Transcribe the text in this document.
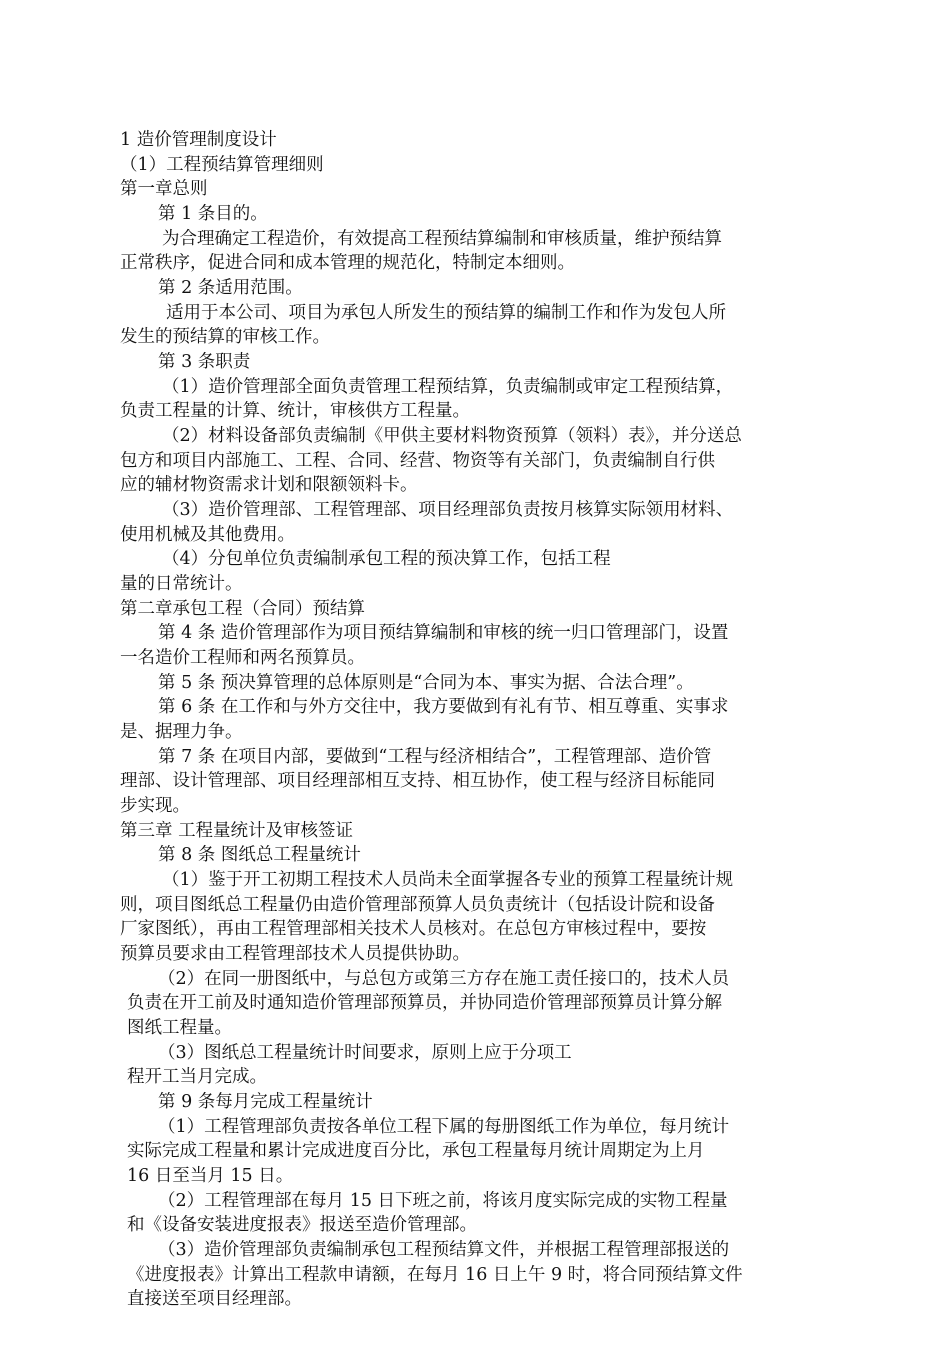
1 造价管理制度设计
（1）工程预结算管理细则
第一章总则
第 1 条目的。
为合理确定工程造价，有效提高工程预结算编制和审核质量，维护预结算
正常秩序，促进合同和成本管理的规范化，特制定本细则。
第 2 条适用范围。
适用于本公司、项目为承包人所发生的预结算的编制工作和作为发包人所
发生的预结算的审核工作。
第 3 条职责
（1）造价管理部全面负责管理工程预结算，负责编制或审定工程预结算，
负责工程量的计算、统计，审核供方工程量。
（2）材料设备部负责编制《甲供主要材料物资预算（领料）表》，并分送总
包方和项目内部施工、工程、合同、经营、物资等有关部门，负责编制自行供
应的辅材物资需求计划和限额领料卡。
（3）造价管理部、工程管理部、项目经理部负责按月核算实际领用材料、
使用机械及其他费用。
（4）分包单位负责编制承包工程的预决算工作，包括工程
量的日常统计。
第二章承包工程（合同）预结算
第 4 条 造价管理部作为项目预结算编制和审核的统一归口管理部门，设置
一名造价工程师和两名预算员。
第 5 条 预决算管理的总体原则是“合同为本、事实为据、合法合理”。
第 6 条 在工作和与外方交往中，我方要做到有礼有节、相互尊重、实事求
是、据理力争。
第 7 条 在项目内部，要做到“工程与经济相结合”，工程管理部、造价管
理部、设计管理部、项目经理部相互支持、相互协作，使工程与经济目标能同
步实现。
第三章 工程量统计及审核签证
第 8 条 图纸总工程量统计
（1）鉴于开工初期工程技术人员尚未全面掌握各专业的预算工程量统计规
则，项目图纸总工程量仍由造价管理部预算人员负责统计（包括设计院和设备
厂家图纸），再由工程管理部相关技术人员核对。在总包方审核过程中，要按
预算员要求由工程管理部技术人员提供协助。
（2）在同一册图纸中，与总包方或第三方存在施工责任接口的，技术人员
负责在开工前及时通知造价管理部预算员，并协同造价管理部预算员计算分解
图纸工程量。
（3）图纸总工程量统计时间要求，原则上应于分项工
程开工当月完成。
第 9 条每月完成工程量统计
（1）工程管理部负责按各单位工程下属的每册图纸工作为单位，每月统计
实际完成工程量和累计完成进度百分比，承包工程量每月统计周期定为上月
16 日至当月 15 日。
（2）工程管理部在每月 15 日下班之前，将该月度实际完成的实物工程量
和《设备安装进度报表》报送至造价管理部。
（3）造价管理部负责编制承包工程预结算文件，并根据工程管理部报送的
《进度报表》计算出工程款申请额，在每月 16 日上午 9 时，将合同预结算文件
直接送至项目经理部。
